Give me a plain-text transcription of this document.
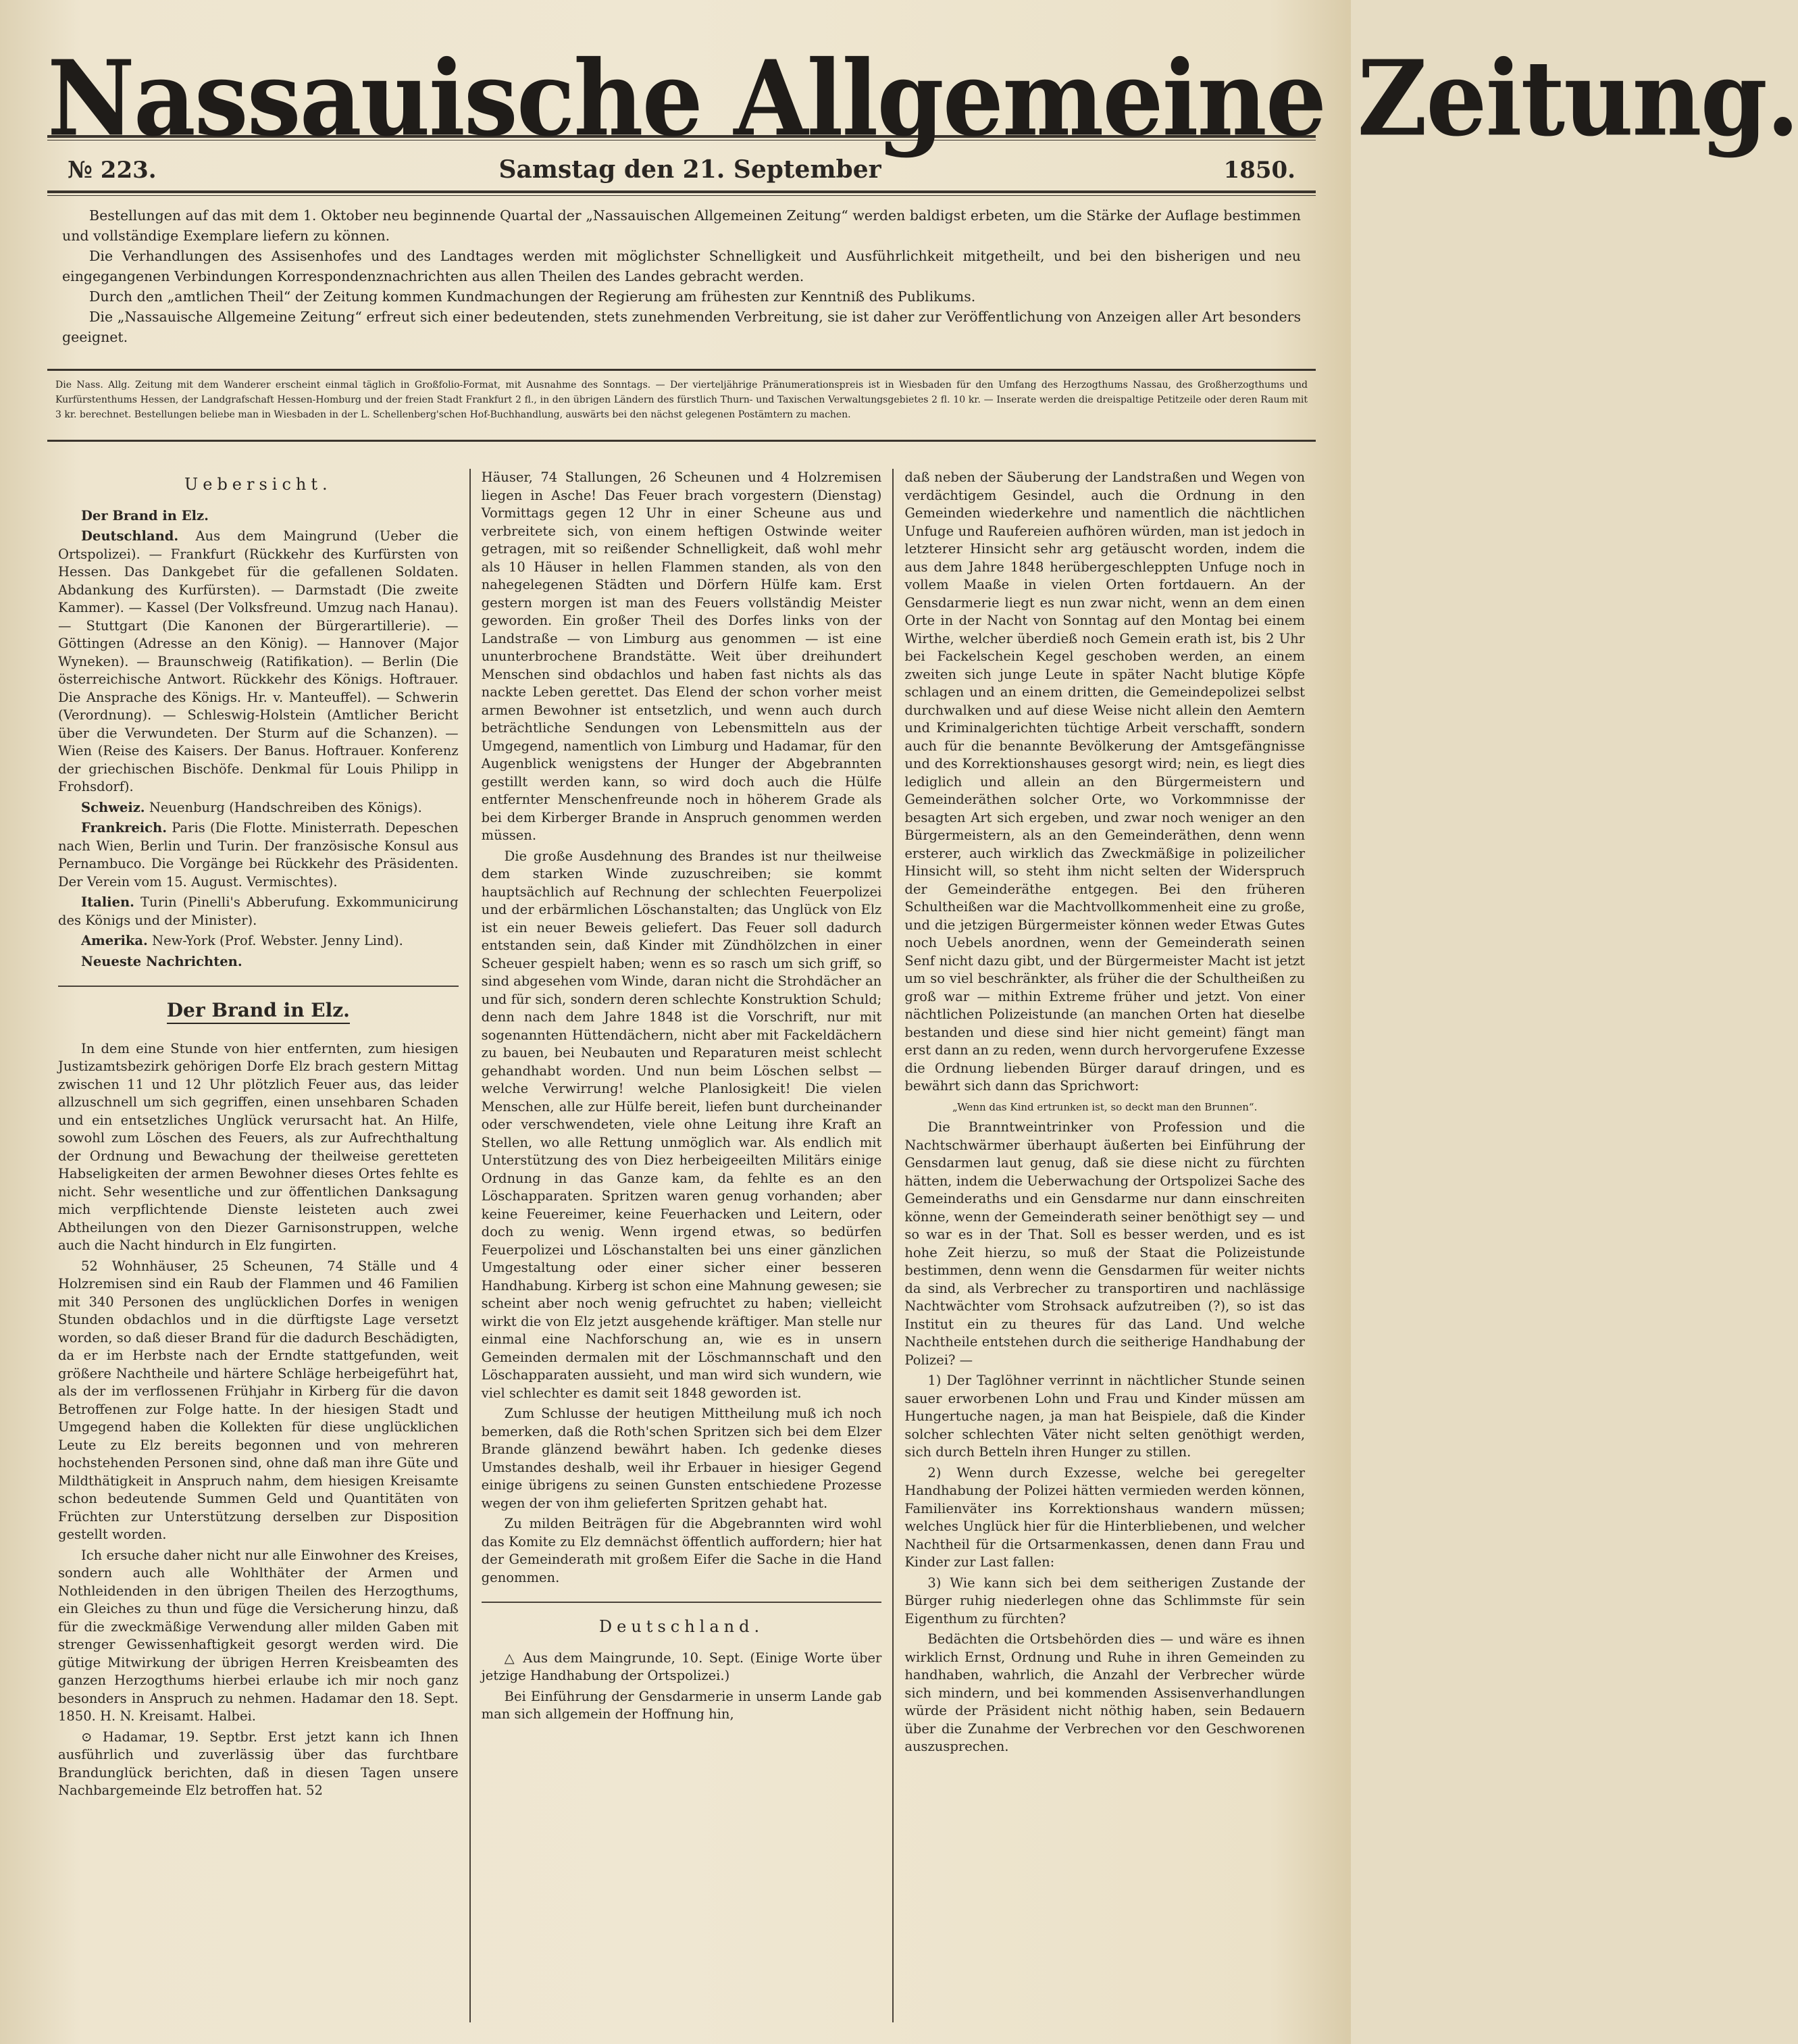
Nassauische Allgemeine Zeitung.
№ 223.	Samstag den 21. September	1850.

Bestellungen auf das mit dem 1. Oktober neu beginnende Quartal der „Nassauischen Allgemeinen Zeitung“ werden baldigst erbeten, um die Stärke der Auflage bestimmen und vollständige Exemplare liefern zu können.

Die Verhandlungen des Assisenhofes und des Landtages werden mit möglichster Schnelligkeit und Ausführlichkeit mitgetheilt, und bei den bisherigen und neu eingegangenen Verbindungen Korrespondenznachrichten aus allen Theilen des Landes gebracht werden.

Durch den „amtlichen Theil“ der Zeitung kommen Kundmachungen der Regierung am frühesten zur Kenntniß des Publikums.

Die „Nassauische Allgemeine Zeitung“ erfreut sich einer bedeutenden, stets zunehmenden Verbreitung, sie ist daher zur Veröffentlichung von Anzeigen aller Art besonders geeignet.

Die Nass. Allg. Zeitung mit dem Wanderer erscheint einmal täglich in Großfolio-Format, mit Ausnahme des Sonntags. — Der vierteljährige Pränumerationspreis ist in Wiesbaden für den Umfang des Herzogthums Nassau, des Großherzogthums und Kurfürstenthums Hessen, der Landgrafschaft Hessen-Homburg und der freien Stadt Frankfurt 2 fl., in den übrigen Ländern des fürstlich Thurn- und Taxischen Verwaltungsgebietes 2 fl. 10 kr. — Inserate werden die dreispaltige Petitzeile oder deren Raum mit 3 kr. berechnet. Bestellungen beliebe man in Wiesbaden in der L. Schellenberg'schen Hof-Buchhandlung, auswärts bei den nächst gelegenen Postämtern zu machen.
Uebersicht.

Der Brand in Elz.

Deutschland. Aus dem Maingrund (Ueber die Ortspolizei). — Frankfurt (Rückkehr des Kurfürsten von Hessen. Das Dankgebet für die gefallenen Soldaten. Abdankung des Kurfürsten). — Darmstadt (Die zweite Kammer). — Kassel (Der Volksfreund. Umzug nach Hanau). — Stuttgart (Die Kanonen der Bürgerartillerie). — Göttingen (Adresse an den König). — Hannover (Major Wyneken). — Braunschweig (Ratifikation). — Berlin (Die österreichische Antwort. Rückkehr des Königs. Hoftrauer. Die Ansprache des Königs. Hr. v. Manteuffel). — Schwerin (Verordnung). — Schleswig-Holstein (Amtlicher Bericht über die Verwundeten. Der Sturm auf die Schanzen). — Wien (Reise des Kaisers. Der Banus. Hoftrauer. Konferenz der griechischen Bischöfe. Denkmal für Louis Philipp in Frohsdorf).

Schweiz. Neuenburg (Handschreiben des Königs).

Frankreich. Paris (Die Flotte. Ministerrath. Depeschen nach Wien, Berlin und Turin. Der französische Konsul aus Pernambuco. Die Vorgänge bei Rückkehr des Präsidenten. Der Verein vom 15. August. Vermischtes).

Italien. Turin (Pinelli's Abberufung. Exkommunicirung des Königs und der Minister).

Amerika. New-York (Prof. Webster. Jenny Lind).

Neueste Nachrichten.

Der Brand in Elz.

In dem eine Stunde von hier entfernten, zum hiesigen Justizamtsbezirk gehörigen Dorfe Elz brach gestern Mittag zwischen 11 und 12 Uhr plötzlich Feuer aus, das leider allzuschnell um sich gegriffen, einen unsehbaren Schaden und ein entsetzliches Unglück verursacht hat. An Hilfe, sowohl zum Löschen des Feuers, als zur Aufrechthaltung der Ordnung und Bewachung der theilweise geretteten Habseligkeiten der armen Bewohner dieses Ortes fehlte es nicht. Sehr wesentliche und zur öffentlichen Danksagung mich verpflichtende Dienste leisteten auch zwei Abtheilungen von den Diezer Garnisonstruppen, welche auch die Nacht hindurch in Elz fungirten.

52 Wohnhäuser, 25 Scheunen, 74 Ställe und 4 Holzremisen sind ein Raub der Flammen und 46 Familien mit 340 Personen des unglücklichen Dorfes in wenigen Stunden obdachlos und in die dürftigste Lage versetzt worden, so daß dieser Brand für die dadurch Beschädigten, da er im Herbste nach der Erndte stattgefunden, weit größere Nachtheile und härtere Schläge herbeigeführt hat, als der im verflossenen Frühjahr in Kirberg für die davon Betroffenen zur Folge hatte. In der hiesigen Stadt und Umgegend haben die Kollekten für diese unglücklichen Leute zu Elz bereits begonnen und von mehreren hochstehenden Personen sind, ohne daß man ihre Güte und Mildthätigkeit in Anspruch nahm, dem hiesigen Kreisamte schon bedeutende Summen Geld und Quantitäten von Früchten zur Unterstützung derselben zur Disposition gestellt worden.

Ich ersuche daher nicht nur alle Einwohner des Kreises, sondern auch alle Wohlthäter der Armen und Nothleidenden in den übrigen Theilen des Herzogthums, ein Gleiches zu thun und füge die Versicherung hinzu, daß für die zweckmäßige Verwendung aller milden Gaben mit strenger Gewissenhaftigkeit gesorgt werden wird. Die gütige Mitwirkung der übrigen Herren Kreisbeamten des ganzen Herzogthums hierbei erlaube ich mir noch ganz besonders in Anspruch zu nehmen. Hadamar den 18. Sept. 1850. H. N. Kreisamt. Halbei.

⊙ Hadamar, 19. Septbr. Erst jetzt kann ich Ihnen ausführlich und zuverlässig über das furchtbare Brandunglück berichten, daß in diesen Tagen unsere Nachbargemeinde Elz betroffen hat. 52

Häuser, 74 Stallungen, 26 Scheunen und 4 Holzremisen liegen in Asche! Das Feuer brach vorgestern (Dienstag) Vormittags gegen 12 Uhr in einer Scheune aus und verbreitete sich, von einem heftigen Ostwinde weiter getragen, mit so reißender Schnelligkeit, daß wohl mehr als 10 Häuser in hellen Flammen standen, als von den nahegelegenen Städten und Dörfern Hülfe kam. Erst gestern morgen ist man des Feuers vollständig Meister geworden. Ein großer Theil des Dorfes links von der Landstraße — von Limburg aus genommen — ist eine ununterbrochene Brandstätte. Weit über dreihundert Menschen sind obdachlos und haben fast nichts als das nackte Leben gerettet. Das Elend der schon vorher meist armen Bewohner ist entsetzlich, und wenn auch durch beträchtliche Sendungen von Lebensmitteln aus der Umgegend, namentlich von Limburg und Hadamar, für den Augenblick wenigstens der Hunger der Abgebrannten gestillt werden kann, so wird doch auch die Hülfe entfernter Menschenfreunde noch in höherem Grade als bei dem Kirberger Brande in Anspruch genommen werden müssen.

Die große Ausdehnung des Brandes ist nur theilweise dem starken Winde zuzuschreiben; sie kommt hauptsächlich auf Rechnung der schlechten Feuerpolizei und der erbärmlichen Löschanstalten; das Unglück von Elz ist ein neuer Beweis geliefert. Das Feuer soll dadurch entstanden sein, daß Kinder mit Zündhölzchen in einer Scheuer gespielt haben; wenn es so rasch um sich griff, so sind abgesehen vom Winde, daran nicht die Strohdächer an und für sich, sondern deren schlechte Konstruktion Schuld; denn nach dem Jahre 1848 ist die Vorschrift, nur mit sogenannten Hüttendächern, nicht aber mit Fackeldächern zu bauen, bei Neubauten und Reparaturen meist schlecht gehandhabt worden. Und nun beim Löschen selbst — welche Verwirrung! welche Planlosigkeit! Die vielen Menschen, alle zur Hülfe bereit, liefen bunt durcheinander oder verschwendeten, viele ohne Leitung ihre Kraft an Stellen, wo alle Rettung unmöglich war. Als endlich mit Unterstützung des von Diez herbeigeeilten Militärs einige Ordnung in das Ganze kam, da fehlte es an den Löschapparaten. Spritzen waren genug vorhanden; aber keine Feuereimer, keine Feuerhacken und Leitern, oder doch zu wenig. Wenn irgend etwas, so bedürfen Feuerpolizei und Löschanstalten bei uns einer gänzlichen Umgestaltung oder einer sicher einer besseren Handhabung. Kirberg ist schon eine Mahnung gewesen; sie scheint aber noch wenig gefruchtet zu haben; vielleicht wirkt die von Elz jetzt ausgehende kräftiger. Man stelle nur einmal eine Nachforschung an, wie es in unsern Gemeinden dermalen mit der Löschmannschaft und den Löschapparaten aussieht, und man wird sich wundern, wie viel schlechter es damit seit 1848 geworden ist.

Zum Schlusse der heutigen Mittheilung muß ich noch bemerken, daß die Roth'schen Spritzen sich bei dem Elzer Brande glänzend bewährt haben. Ich gedenke dieses Umstandes deshalb, weil ihr Erbauer in hiesiger Gegend einige übrigens zu seinen Gunsten entschiedene Prozesse wegen der von ihm gelieferten Spritzen gehabt hat.

Zu milden Beiträgen für die Abgebrannten wird wohl das Komite zu Elz demnächst öffentlich auffordern; hier hat der Gemeinderath mit großem Eifer die Sache in die Hand genommen.

Deutschland.

△ Aus dem Maingrunde, 10. Sept. (Einige Worte über jetzige Handhabung der Ortspolizei.)

Bei Einführung der Gensdarmerie in unserm Lande gab man sich allgemein der Hoffnung hin,

daß neben der Säuberung der Landstraßen und Wegen von verdächtigem Gesindel, auch die Ordnung in den Gemeinden wiederkehre und namentlich die nächtlichen Unfuge und Raufereien aufhören würden, man ist jedoch in letzterer Hinsicht sehr arg getäuscht worden, indem die aus dem Jahre 1848 herübergeschleppten Unfuge noch in vollem Maaße in vielen Orten fortdauern. An der Gensdarmerie liegt es nun zwar nicht, wenn an dem einen Orte in der Nacht von Sonntag auf den Montag bei einem Wirthe, welcher überdieß noch Gemein erath ist, bis 2 Uhr bei Fackelschein Kegel geschoben werden, an einem zweiten sich junge Leute in später Nacht blutige Köpfe schlagen und an einem dritten, die Gemeindepolizei selbst durchwalken und auf diese Weise nicht allein den Aemtern und Kriminalgerichten tüchtige Arbeit verschafft, sondern auch für die benannte Bevölkerung der Amtsgefängnisse und des Korrektionshauses gesorgt wird; nein, es liegt dies lediglich und allein an den Bürgermeistern und Gemeinderäthen solcher Orte, wo Vorkommnisse der besagten Art sich ergeben, und zwar noch weniger an den Bürgermeistern, als an den Gemeinderäthen, denn wenn ersterer, auch wirklich das Zweckmäßige in polizeilicher Hinsicht will, so steht ihm nicht selten der Widerspruch der Gemeinderäthe entgegen. Bei den früheren Schultheißen war die Machtvollkommenheit eine zu große, und die jetzigen Bürgermeister können weder Etwas Gutes noch Uebels anordnen, wenn der Gemeinderath seinen Senf nicht dazu gibt, und der Bürgermeister Macht ist jetzt um so viel beschränkter, als früher die der Schultheißen zu groß war — mithin Extreme früher und jetzt. Von einer nächtlichen Polizeistunde (an manchen Orten hat dieselbe bestanden und diese sind hier nicht gemeint) fängt man erst dann an zu reden, wenn durch hervorgerufene Exzesse die Ordnung liebenden Bürger darauf dringen, und es bewährt sich dann das Sprichwort:

„Wenn das Kind ertrunken ist, so deckt man den Brunnen“.

Die Branntweintrinker von Profession und die Nachtschwärmer überhaupt äußerten bei Einführung der Gensdarmen laut genug, daß sie diese nicht zu fürchten hätten, indem die Ueberwachung der Ortspolizei Sache des Gemeinderaths und ein Gensdarme nur dann einschreiten könne, wenn der Gemeinderath seiner benöthigt sey — und so war es in der That. Soll es besser werden, und es ist hohe Zeit hierzu, so muß der Staat die Polizeistunde bestimmen, denn wenn die Gensdarmen für weiter nichts da sind, als Verbrecher zu transportiren und nachlässige Nachtwächter vom Strohsack aufzutreiben (?), so ist das Institut ein zu theures für das Land. Und welche Nachtheile entstehen durch die seitherige Handhabung der Polizei? —

1) Der Taglöhner verrinnt in nächtlicher Stunde seinen sauer erworbenen Lohn und Frau und Kinder müssen am Hungertuche nagen, ja man hat Beispiele, daß die Kinder solcher schlechten Väter nicht selten genöthigt werden, sich durch Betteln ihren Hunger zu stillen.

2) Wenn durch Exzesse, welche bei geregelter Handhabung der Polizei hätten vermieden werden können, Familienväter ins Korrektionshaus wandern müssen; welches Unglück hier für die Hinterbliebenen, und welcher Nachtheil für die Ortsarmenkassen, denen dann Frau und Kinder zur Last fallen:

3) Wie kann sich bei dem seitherigen Zustande der Bürger ruhig niederlegen ohne das Schlimmste für sein Eigenthum zu fürchten?

Bedächten die Ortsbehörden dies — und wäre es ihnen wirklich Ernst, Ordnung und Ruhe in ihren Gemeinden zu handhaben, wahrlich, die Anzahl der Verbrecher würde sich mindern, und bei kommenden Assisenverhandlungen würde der Präsident nicht nöthig haben, sein Bedauern über die Zunahme der Verbrechen vor den Geschworenen auszusprechen.
